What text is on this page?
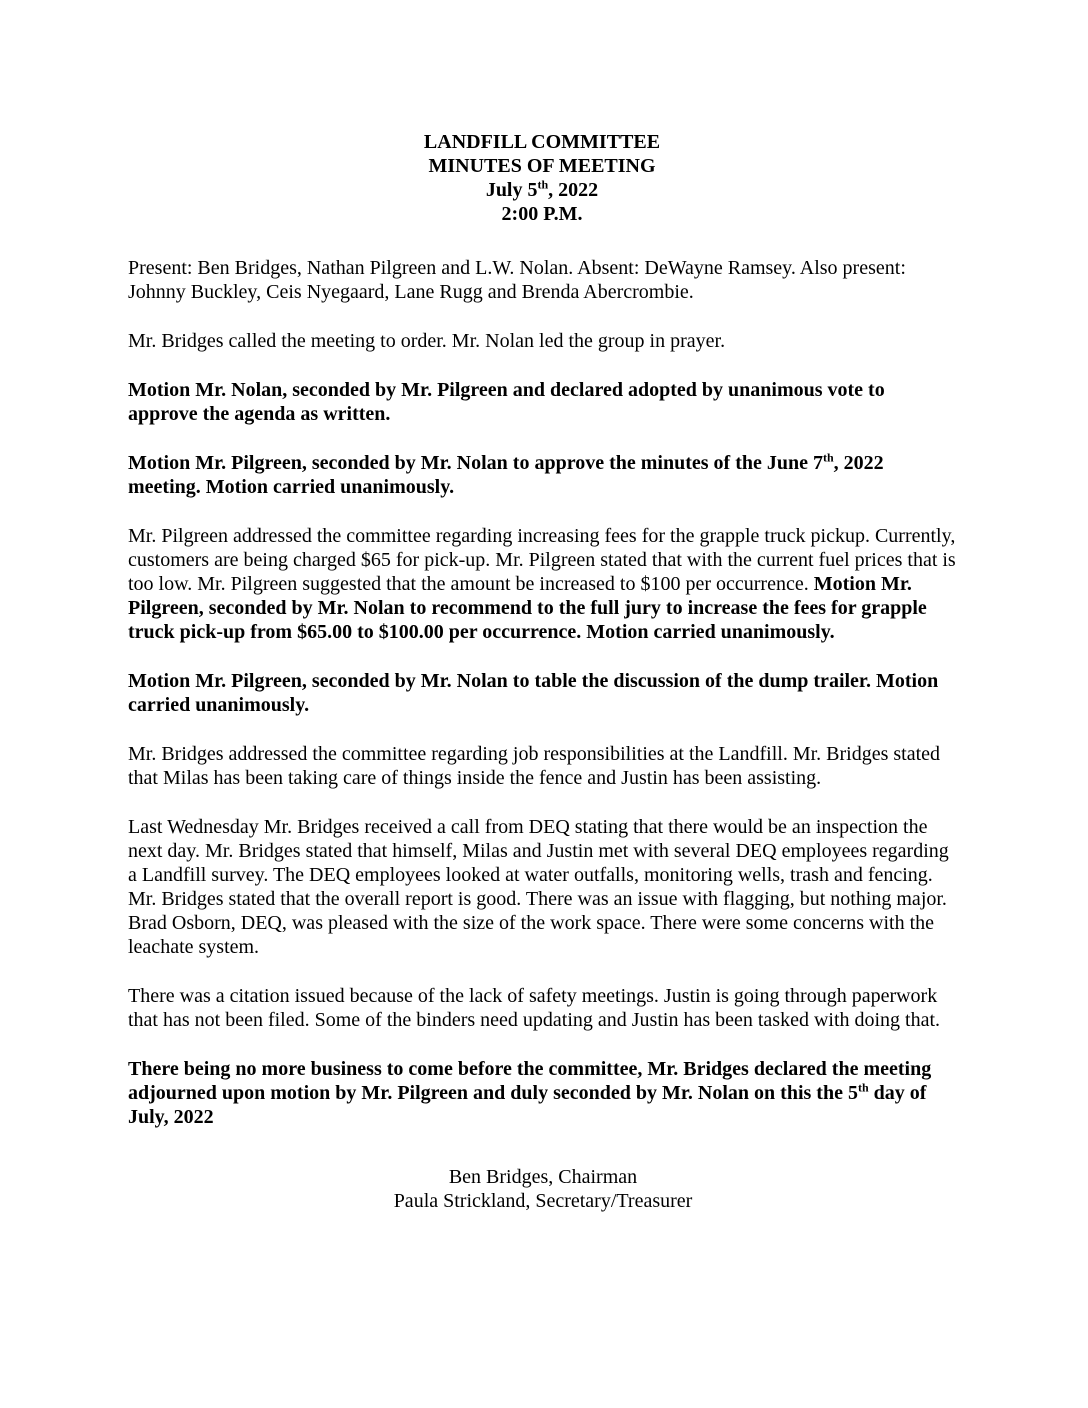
LANDFILL COMMITTEE
MINUTES OF MEETING
July 5th, 2022
2:00 P.M.

Present: Ben Bridges, Nathan Pilgreen and L.W. Nolan. Absent: DeWayne Ramsey. Also present: Johnny Buckley, Ceis Nyegaard, Lane Rugg and Brenda Abercrombie.

Mr. Bridges called the meeting to order. Mr. Nolan led the group in prayer.

Motion Mr. Nolan, seconded by Mr. Pilgreen and declared adopted by unanimous vote to approve the agenda as written.

Motion Mr. Pilgreen, seconded by Mr. Nolan to approve the minutes of the June 7th, 2022 meeting. Motion carried unanimously.

Mr. Pilgreen addressed the committee regarding increasing fees for the grapple truck pickup. Currently, customers are being charged $65 for pick-up. Mr. Pilgreen stated that with the current fuel prices that is too low. Mr. Pilgreen suggested that the amount be increased to $100 per occurrence. Motion Mr. Pilgreen, seconded by Mr. Nolan to recommend to the full jury to increase the fees for grapple truck pick-up from $65.00 to $100.00 per occurrence. Motion carried unanimously.

Motion Mr. Pilgreen, seconded by Mr. Nolan to table the discussion of the dump trailer. Motion carried unanimously.

Mr. Bridges addressed the committee regarding job responsibilities at the Landfill. Mr. Bridges stated that Milas has been taking care of things inside the fence and Justin has been assisting.

Last Wednesday Mr. Bridges received a call from DEQ stating that there would be an inspection the next day. Mr. Bridges stated that himself, Milas and Justin met with several DEQ employees regarding a Landfill survey. The DEQ employees looked at water outfalls, monitoring wells, trash and fencing. Mr. Bridges stated that the overall report is good. There was an issue with flagging, but nothing major. Brad Osborn, DEQ, was pleased with the size of the work space. There were some concerns with the leachate system.

There was a citation issued because of the lack of safety meetings. Justin is going through paperwork that has not been filed. Some of the binders need updating and Justin has been tasked with doing that.

There being no more business to come before the committee, Mr. Bridges declared the meeting adjourned upon motion by Mr. Pilgreen and duly seconded by Mr. Nolan on this the 5th day of July, 2022

Ben Bridges, Chairman
Paula Strickland, Secretary/Treasurer
